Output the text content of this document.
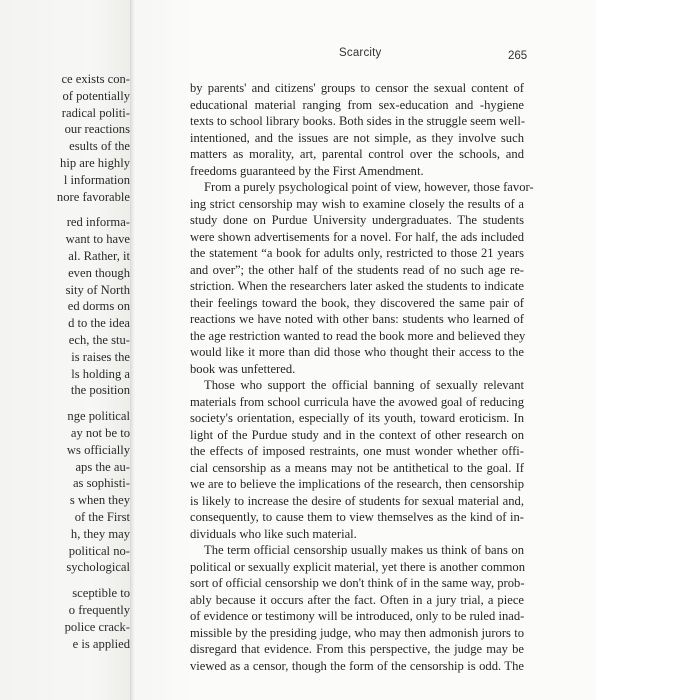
ce exists con-
of potentially
radical politi-
our reactions
esults of the
hip are highly
l information
nore favorable
red informa-
want to have
al. Rather, it
even though
sity of North
ed dorms on
d to the idea
ech, the stu-
is raises the
ls holding a
the position
nge political
ay not be to
ws officially
aps the au-
as sophisti-
s when they
of the First
h, they may
political no-
sychological
sceptible to
o frequently
police crack-
e is applied
Scarcity	265
by parents' and citizens' groups to censor the sexual content of
educational material ranging from sex-education and -hygiene
texts to school library books. Both sides in the struggle seem well-
intentioned, and the issues are not simple, as they involve such
matters as morality, art, parental control over the schools, and
freedoms guaranteed by the First Amendment.
From a purely psychological point of view, however, those favor-
ing strict censorship may wish to examine closely the results of a
study done on Purdue University undergraduates. The students
were shown advertisements for a novel. For half, the ads included
the statement “a book for adults only, restricted to those 21 years
and over”; the other half of the students read of no such age re-
striction. When the researchers later asked the students to indicate
their feelings toward the book, they discovered the same pair of
reactions we have noted with other bans: students who learned of
the age restriction wanted to read the book more and believed they
would like it more than did those who thought their access to the
book was unfettered.
Those who support the official banning of sexually relevant
materials from school curricula have the avowed goal of reducing
society's orientation, especially of its youth, toward eroticism. In
light of the Purdue study and in the context of other research on
the effects of imposed restraints, one must wonder whether offi-
cial censorship as a means may not be antithetical to the goal. If
we are to believe the implications of the research, then censorship
is likely to increase the desire of students for sexual material and,
consequently, to cause them to view themselves as the kind of in-
dividuals who like such material.
The term official censorship usually makes us think of bans on
political or sexually explicit material, yet there is another common
sort of official censorship we don't think of in the same way, prob-
ably because it occurs after the fact. Often in a jury trial, a piece
of evidence or testimony will be introduced, only to be ruled inad-
missible by the presiding judge, who may then admonish jurors to
disregard that evidence. From this perspective, the judge may be
viewed as a censor, though the form of the censorship is odd. The
